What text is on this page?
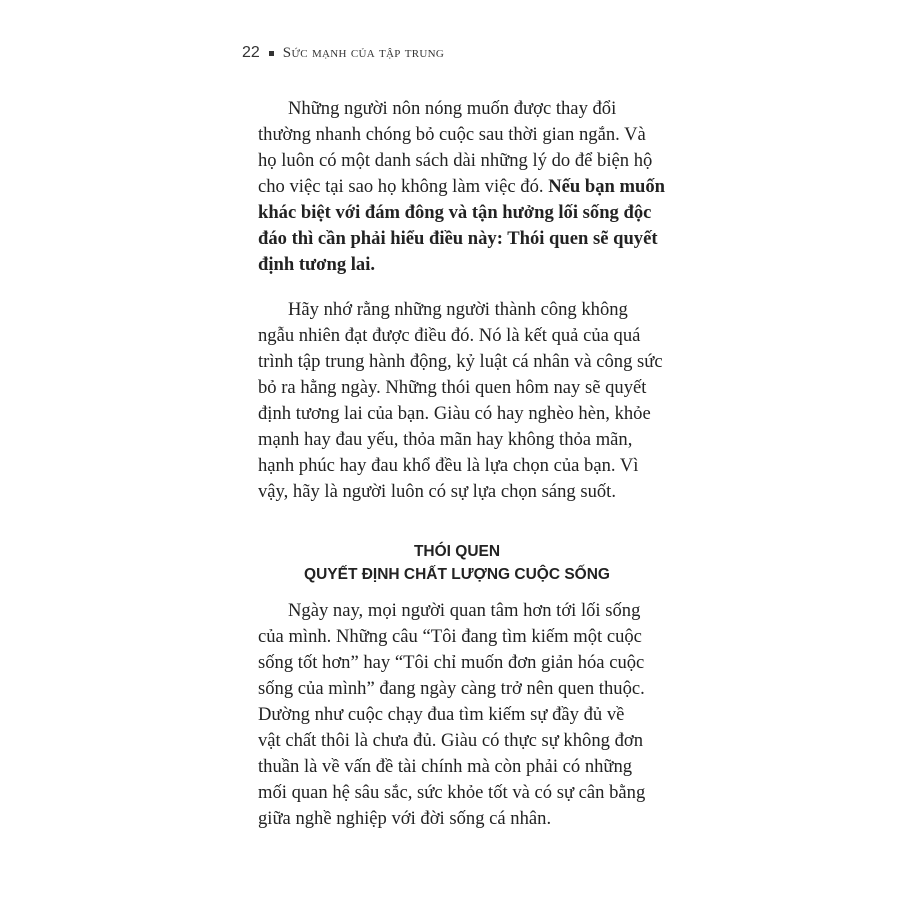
22 Sức mạnh của tập trung
Những người nôn nóng muốn được thay đổi
thường nhanh chóng bỏ cuộc sau thời gian ngắn. Và
họ luôn có một danh sách dài những lý do để biện hộ
cho việc tại sao họ không làm việc đó. Nếu bạn muốn
khác biệt với đám đông và tận hưởng lối sống độc
đáo thì cần phải hiểu điều này: Thói quen sẽ quyết
định tương lai.
Hãy nhớ rằng những người thành công không
ngẫu nhiên đạt được điều đó. Nó là kết quả của quá
trình tập trung hành động, kỷ luật cá nhân và công sức
bỏ ra hằng ngày. Những thói quen hôm nay sẽ quyết
định tương lai của bạn. Giàu có hay nghèo hèn, khỏe
mạnh hay đau yếu, thỏa mãn hay không thỏa mãn,
hạnh phúc hay đau khổ đều là lựa chọn của bạn. Vì
vậy, hãy là người luôn có sự lựa chọn sáng suốt.
THÓI QUEN
QUYẾT ĐỊNH CHẤT LƯỢNG CUỘC SỐNG
Ngày nay, mọi người quan tâm hơn tới lối sống
của mình. Những câu “Tôi đang tìm kiếm một cuộc
sống tốt hơn” hay “Tôi chỉ muốn đơn giản hóa cuộc
sống của mình” đang ngày càng trở nên quen thuộc.
Dường như cuộc chạy đua tìm kiếm sự đầy đủ về
vật chất thôi là chưa đủ. Giàu có thực sự không đơn
thuần là về vấn đề tài chính mà còn phải có những
mối quan hệ sâu sắc, sức khỏe tốt và có sự cân bằng
giữa nghề nghiệp với đời sống cá nhân.
